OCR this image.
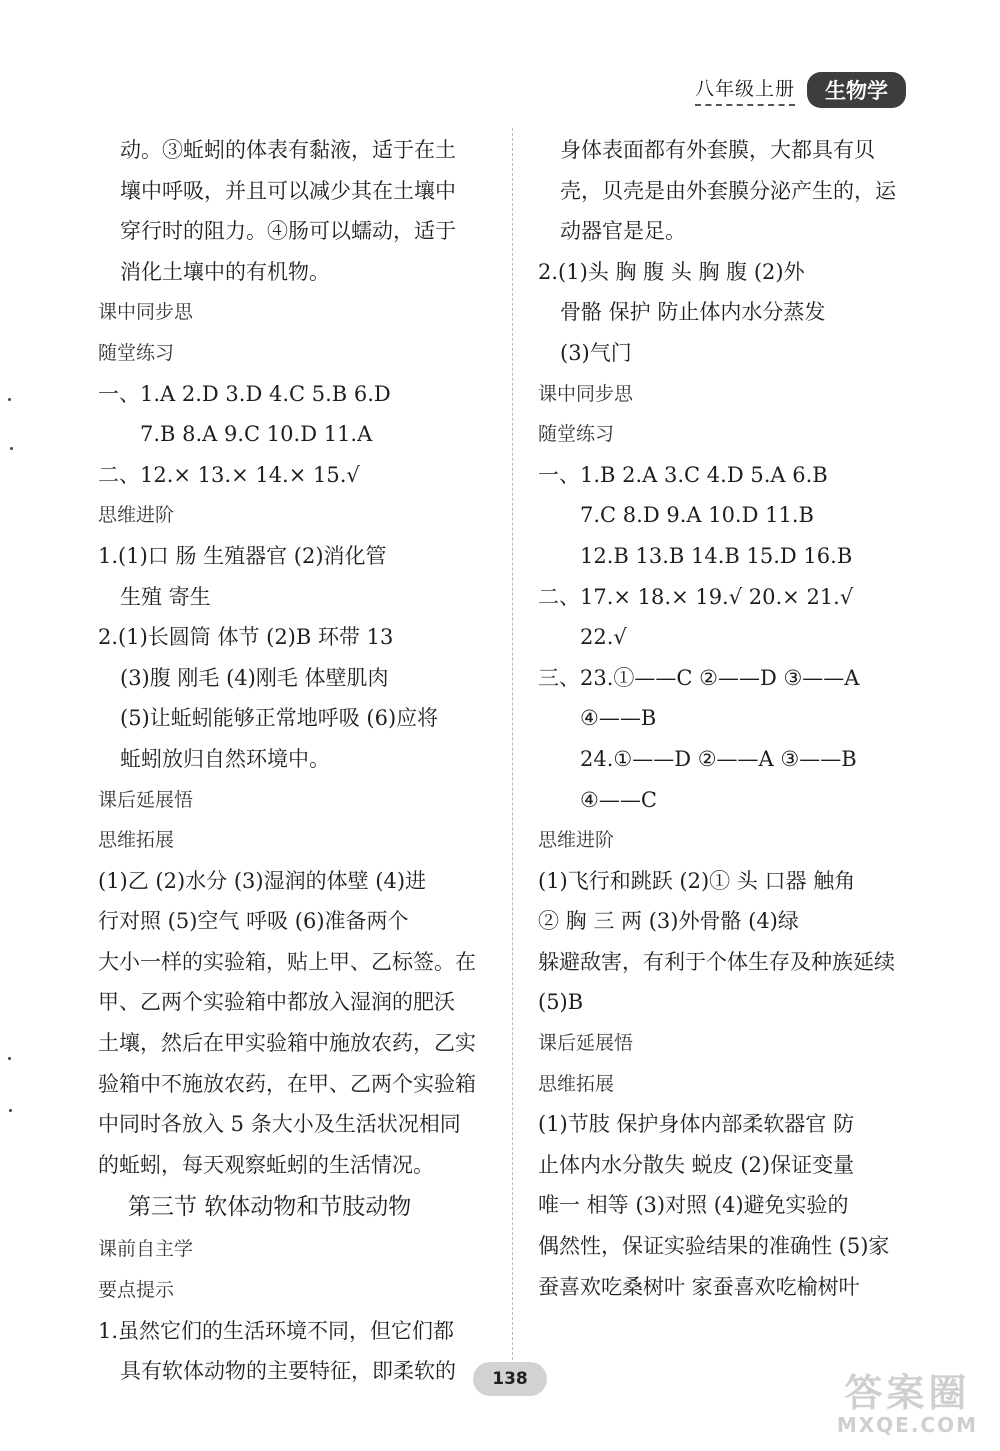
八年级上册	生物学
动。③蚯蚓的体表有黏液，适于在土
壤中呼吸，并且可以减少其在土壤中
穿行时的阻力。④肠可以蠕动，适于
消化土壤中的有机物。
课中同步思
随堂练习
一、1.A 2.D 3.D 4.C 5.B 6.D
7.B 8.A 9.C 10.D 11.A
二、12.× 13.× 14.× 15.√
思维进阶
1.(1)口 肠 生殖器官 (2)消化管
生殖 寄生
2.(1)长圆筒 体节 (2)B 环带 13
(3)腹 刚毛 (4)刚毛 体壁肌肉
(5)让蚯蚓能够正常地呼吸 (6)应将
蚯蚓放归自然环境中。
课后延展悟
思维拓展
(1)乙 (2)水分 (3)湿润的体壁 (4)进
行对照 (5)空气 呼吸 (6)准备两个
大小一样的实验箱，贴上甲、乙标签。在
甲、乙两个实验箱中都放入湿润的肥沃
土壤，然后在甲实验箱中施放农药，乙实
验箱中不施放农药，在甲、乙两个实验箱
中同时各放入 5 条大小及生活状况相同
的蚯蚓，每天观察蚯蚓的生活情况。
第三节 软体动物和节肢动物
课前自主学
要点提示
1.虽然它们的生活环境不同，但它们都
具有软体动物的主要特征，即柔软的
身体表面都有外套膜，大都具有贝
壳，贝壳是由外套膜分泌产生的，运
动器官是足。
2.(1)头 胸 腹 头 胸 腹 (2)外
骨骼 保护 防止体内水分蒸发
(3)气门
课中同步思
随堂练习
一、1.B 2.A 3.C 4.D 5.A 6.B
7.C 8.D 9.A 10.D 11.B
12.B 13.B 14.B 15.D 16.B
二、17.× 18.× 19.√ 20.× 21.√
22.√
三、23.①——C ②——D ③——A
④——B
24.①——D ②——A ③——B
④——C
思维进阶
(1)飞行和跳跃 (2)① 头 口器 触角
② 胸 三 两 (3)外骨骼 (4)绿
躲避敌害，有利于个体生存及种族延续
(5)B
课后延展悟
思维拓展
(1)节肢 保护身体内部柔软器官 防
止体内水分散失 蜕皮 (2)保证变量
唯一 相等 (3)对照 (4)避免实验的
偶然性，保证实验结果的准确性 (5)家
蚕喜欢吃桑树叶 家蚕喜欢吃榆树叶
138	答案圈
MXQE.COM
